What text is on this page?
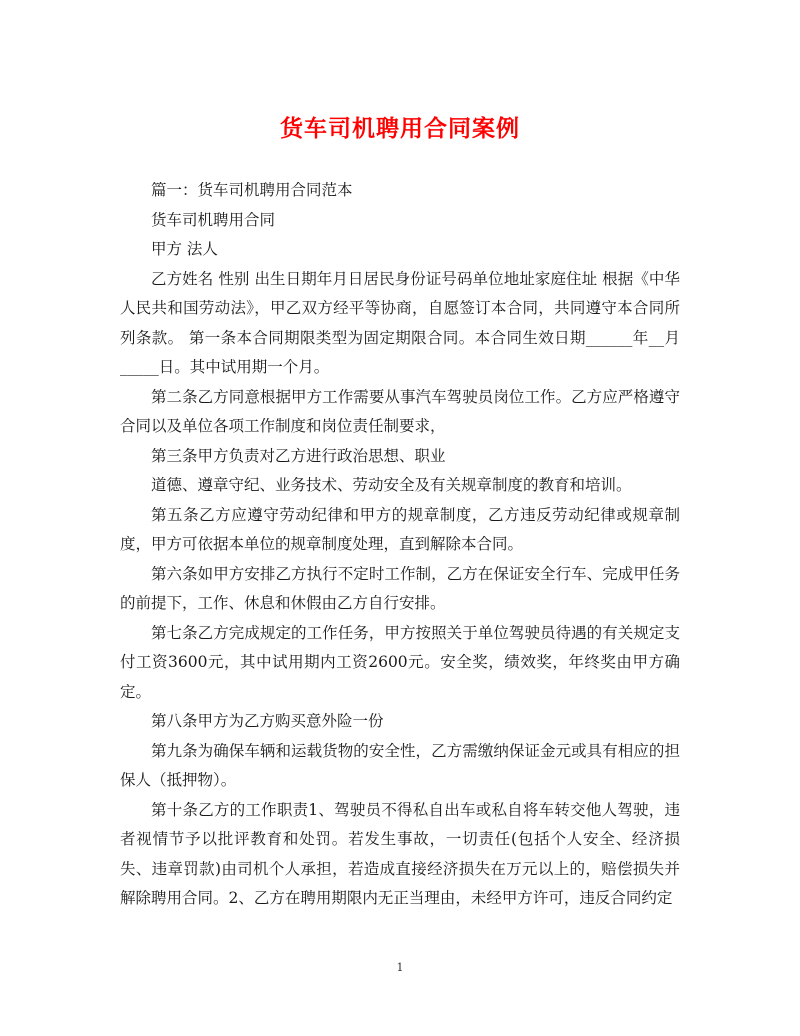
货车司机聘用合同案例

篇一：货车司机聘用合同范本

货车司机聘用合同

甲方 法人

乙方姓名 性别 出生日期年月日居民身份证号码单位地址家庭住址 根据《中华人民共和国劳动法》，甲乙双方经平等协商，自愿签订本合同，共同遵守本合同所列条款。 第一条本合同期限类型为固定期限合同。本合同生效日期______年__月_____日。其中试用期一个月。

第二条乙方同意根据甲方工作需要从事汽车驾驶员岗位工作。乙方应严格遵守合同以及单位各项工作制度和岗位责任制要求，

第三条甲方负责对乙方进行政治思想、职业

道德、遵章守纪、业务技术、劳动安全及有关规章制度的教育和培训。

第五条乙方应遵守劳动纪律和甲方的规章制度，乙方违反劳动纪律或规章制度，甲方可依据本单位的规章制度处理，直到解除本合同。

第六条如甲方安排乙方执行不定时工作制，乙方在保证安全行车、完成甲任务的前提下，工作、休息和休假由乙方自行安排。

第七条乙方完成规定的工作任务，甲方按照关于单位驾驶员待遇的有关规定支付工资3600元，其中试用期内工资2600元。安全奖，绩效奖，年终奖由甲方确定。

第八条甲方为乙方购买意外险一份

第九条为确保车辆和运载货物的安全性，乙方需缴纳保证金元或具有相应的担保人（抵押物）。

第十条乙方的工作职责1、驾驶员不得私自出车或私自将车转交他人驾驶，违者视情节予以批评教育和处罚。若发生事故，一切责任(包括个人安全、经济损失、违章罚款)由司机个人承担，若造成直接经济损失在万元以上的，赔偿损失并解除聘用合同。2、乙方在聘用期限内无正当理由，未经甲方许可，违反合同约定

1
